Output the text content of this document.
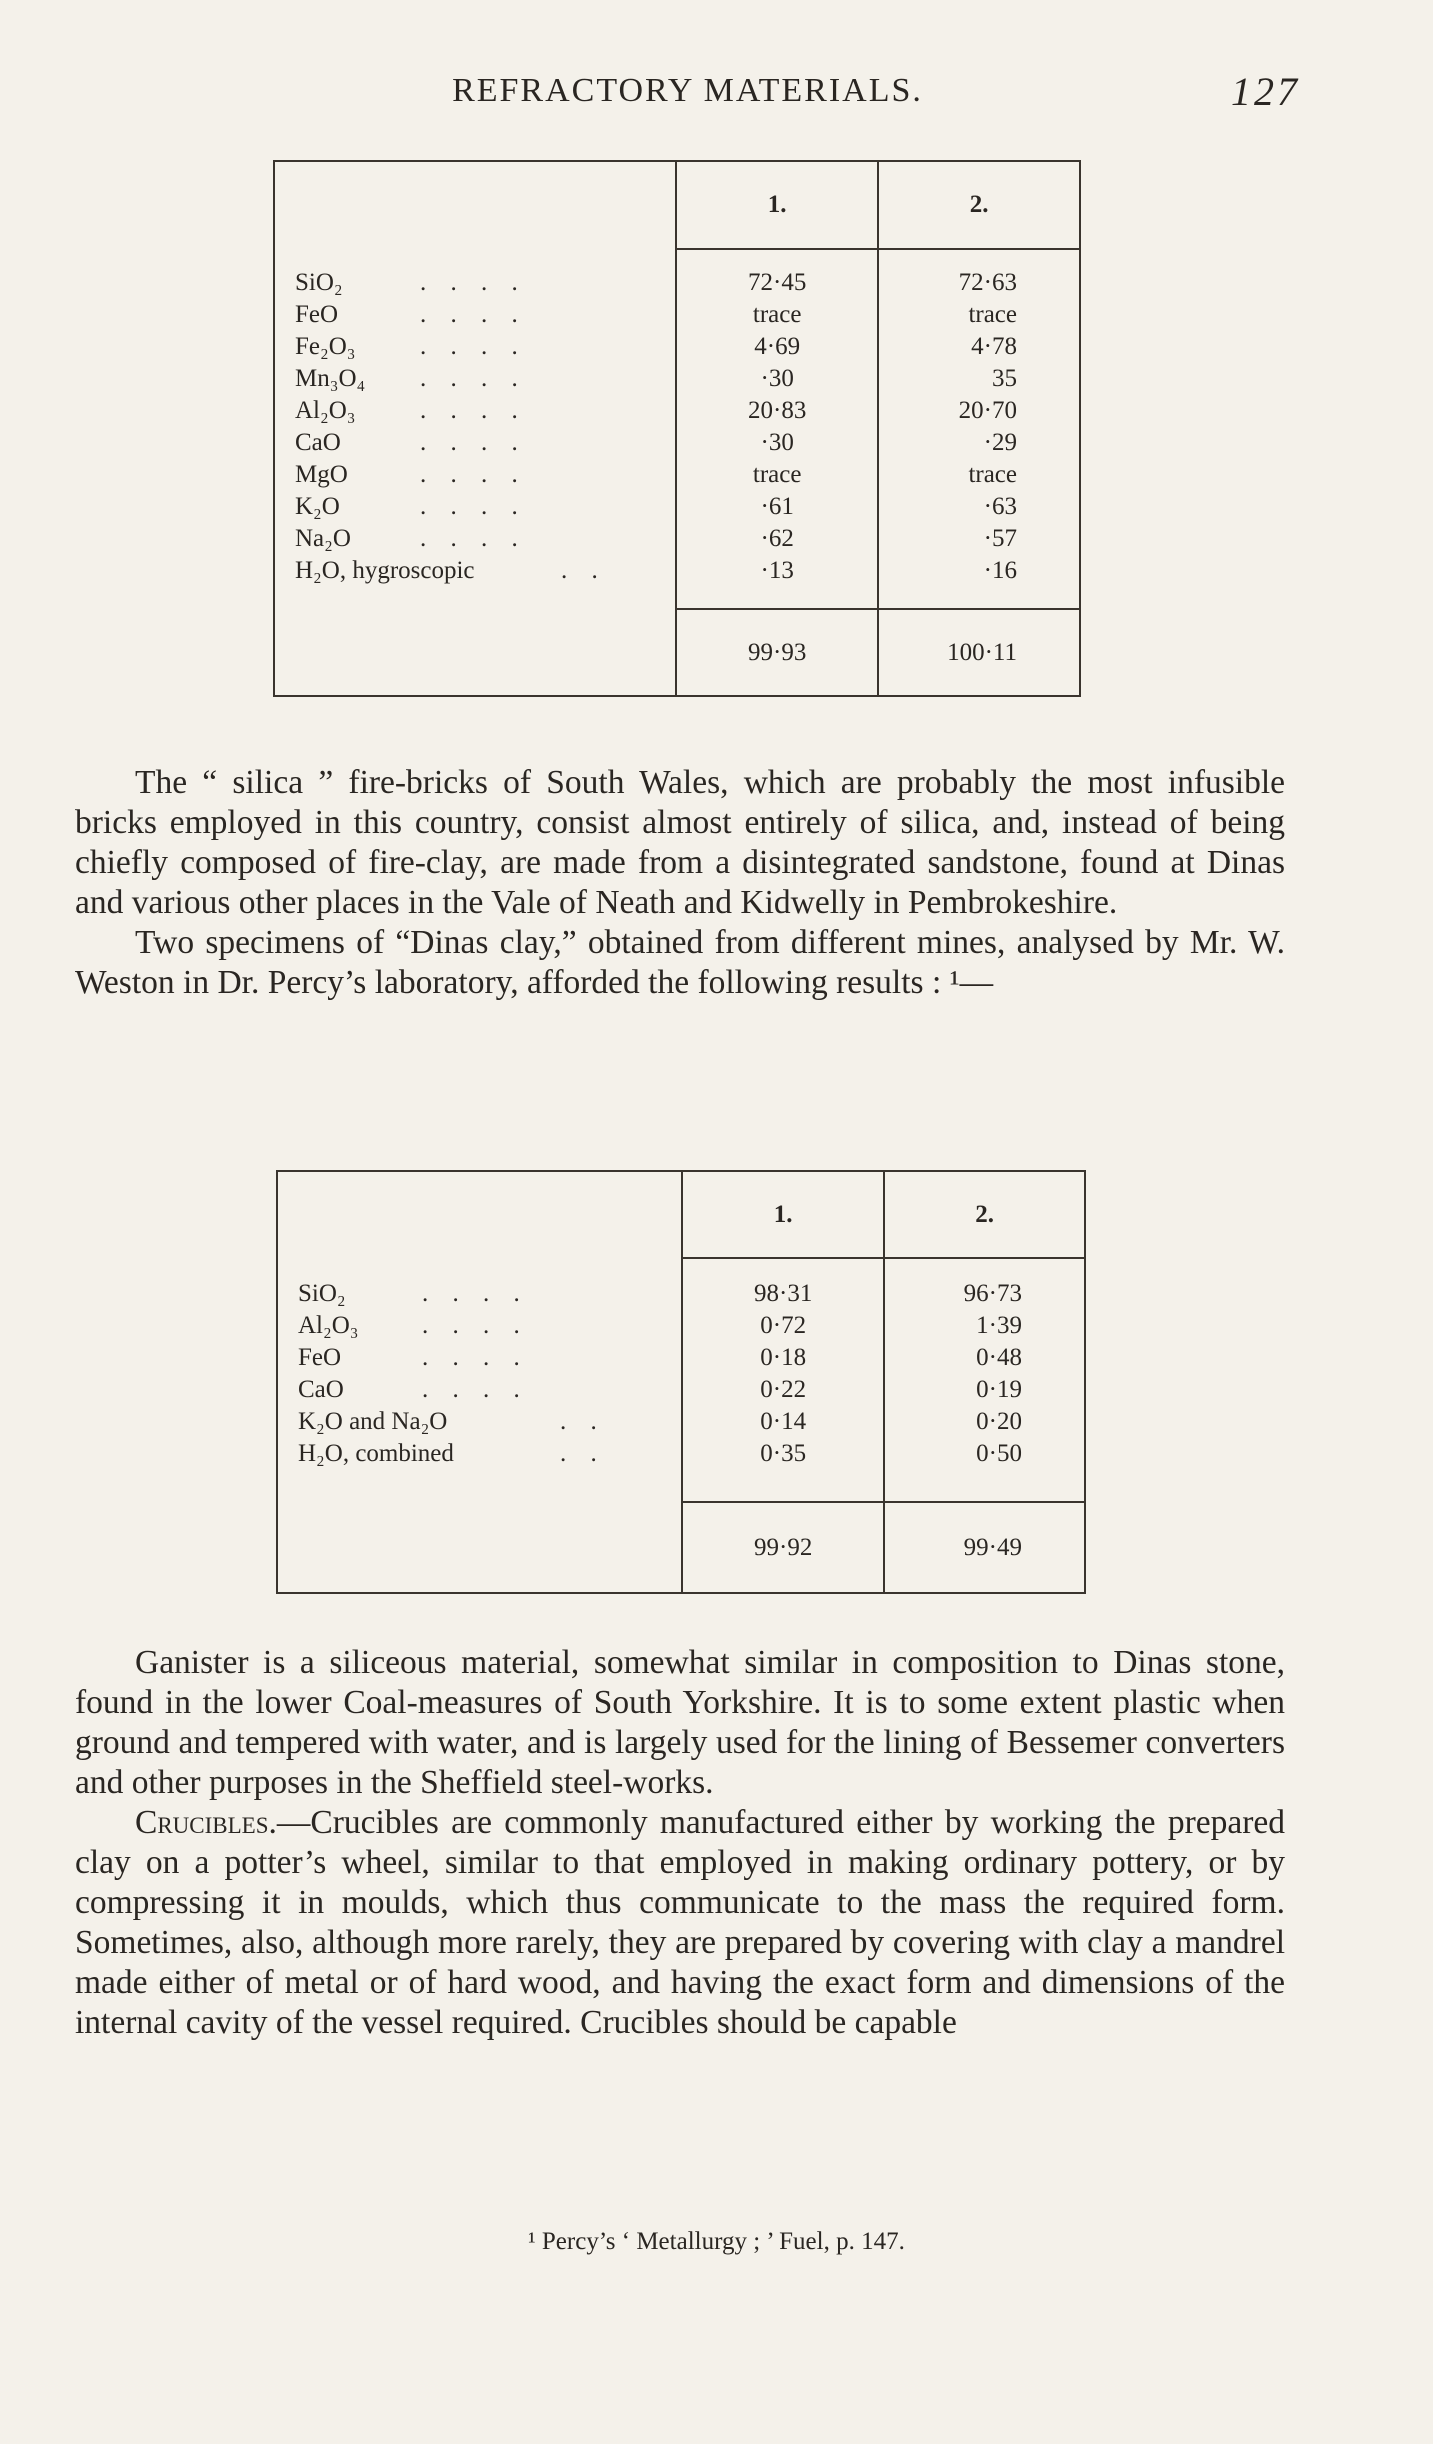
REFRACTORY MATERIALS.	127
	1.	2.

SiO₂ . . . .	72·45	72·63

FeO . . . .	trace	trace

Fe₂O₃ . . . .	4·69	4·78

Mn₃O₄ . . . .	·30	35

Al₂O₃ . . . .	20·83	20·70

CaO . . . .	·30	·29

MgO . . . .	trace	trace

K₂O . . . .	·61	·63

Na₂O . . . .	·62	·57

H₂O, hygroscopic . .	·13	·16

	99·93	100·11

The “ silica ” fire-bricks of South Wales, which are probably the most infusible bricks employed in this country, consist almost entirely of silica, and, instead of being chiefly composed of fire-clay, are made from a disintegrated sandstone, found at Dinas and various other places in the Vale of Neath and Kidwelly in Pembrokeshire.

Two specimens of “Dinas clay,” obtained from different mines, analysed by Mr. W. Weston in Dr. Percy’s laboratory, afforded the following results : ¹—

	1.	2.

SiO₂ . . . .	98·31	96·73

Al₂O₃ . . . .	0·72	1·39

FeO . . . .	0·18	0·48

CaO . . . .	0·22	0·19

K₂O and Na₂O . .	0·14	0·20

H₂O, combined . .	0·35	0·50

	99·92	99·49

Ganister is a siliceous material, somewhat similar in composition to Dinas stone, found in the lower Coal-measures of South Yorkshire. It is to some extent plastic when ground and tempered with water, and is largely used for the lining of Bessemer converters and other purposes in the Sheffield steel-works.

Crucibles.—Crucibles are commonly manufactured either by working the prepared clay on a potter’s wheel, similar to that employed in making ordinary pottery, or by compressing it in moulds, which thus communicate to the mass the required form. Sometimes, also, although more rarely, they are prepared by covering with clay a mandrel made either of metal or of hard wood, and having the exact form and dimensions of the internal cavity of the vessel required. Crucibles should be capable

¹ Percy’s ‘ Metallurgy ; ’ Fuel, p. 147.
